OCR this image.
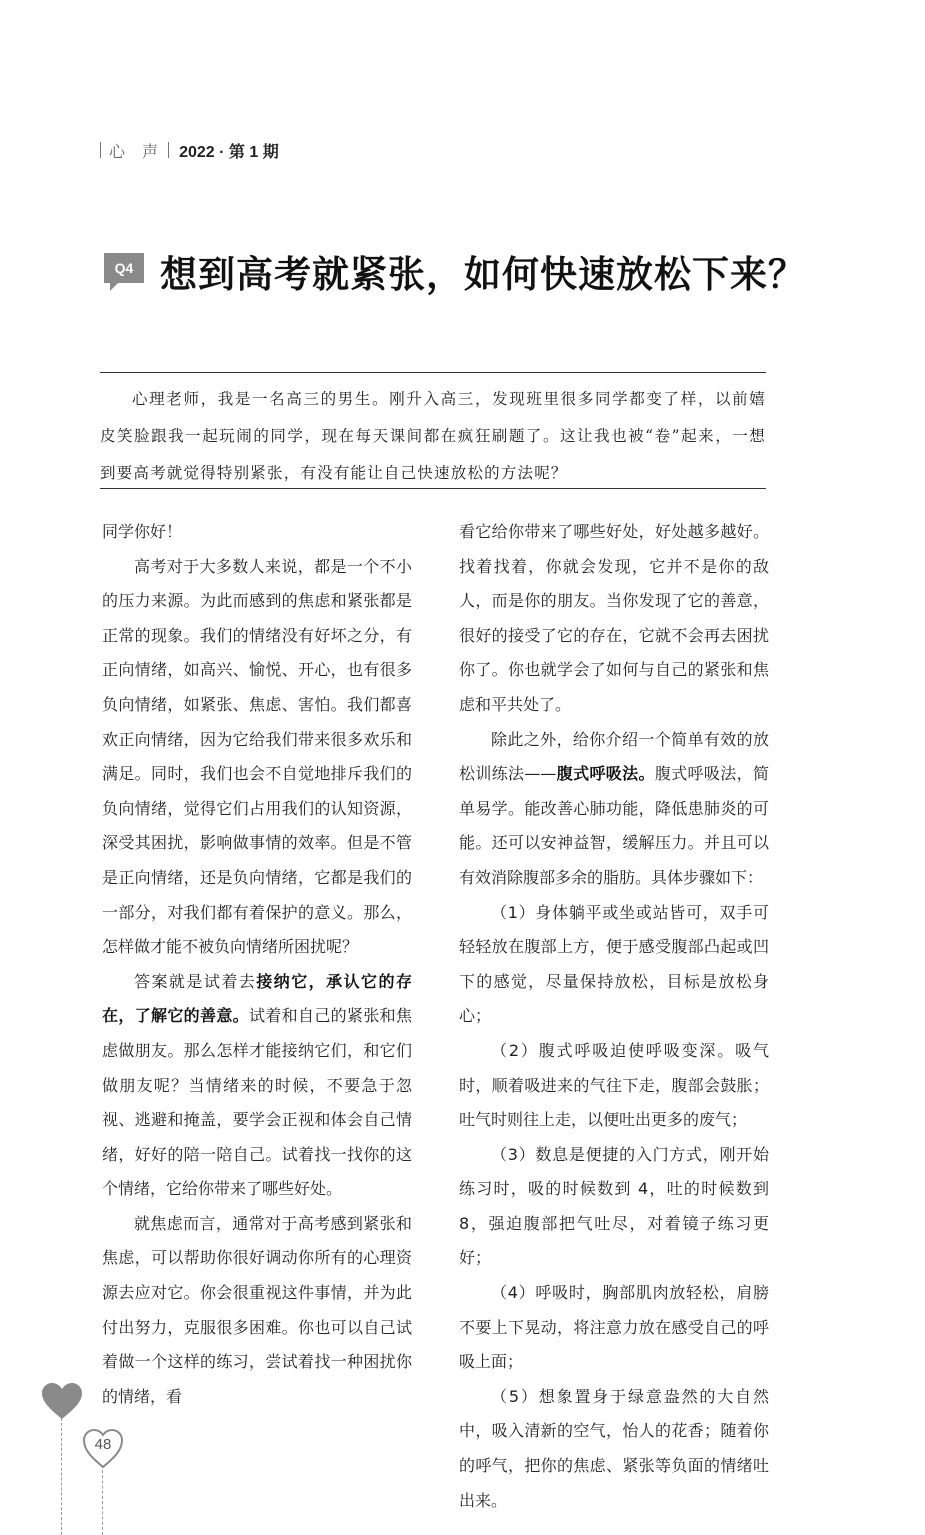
心 声 2022 · 第 1 期
Q4 想到高考就紧张，如何快速放松下来？

心理老师，我是一名高三的男生。刚升入高三，发现班里很多同学都变了样，以前嬉皮笑脸跟我一起玩闹的同学，现在每天课间都在疯狂刷题了。这让我也被“卷”起来，一想到要高考就觉得特别紧张，有没有能让自己快速放松的方法呢？

同学你好！

高考对于大多数人来说，都是一个不小的压力来源。为此而感到的焦虑和紧张都是正常的现象。我们的情绪没有好坏之分，有正向情绪，如高兴、愉悦、开心，也有很多负向情绪，如紧张、焦虑、害怕。我们都喜欢正向情绪，因为它给我们带来很多欢乐和满足。同时，我们也会不自觉地排斥我们的负向情绪，觉得它们占用我们的认知资源，深受其困扰，影响做事情的效率。但是不管是正向情绪，还是负向情绪，它都是我们的一部分，对我们都有着保护的意义。那么，怎样做才能不被负向情绪所困扰呢？

答案就是试着去接纳它，承认它的存在，了解它的善意。试着和自己的紧张和焦虑做朋友。那么怎样才能接纳它们，和它们做朋友呢？当情绪来的时候，不要急于忽视、逃避和掩盖，要学会正视和体会自己情绪，好好的陪一陪自己。试着找一找你的这个情绪，它给你带来了哪些好处。

就焦虑而言，通常对于高考感到紧张和焦虑，可以帮助你很好调动你所有的心理资源去应对它。你会很重视这件事情，并为此付出努力，克服很多困难。你也可以自己试着做一个这样的练习，尝试着找一种困扰你的情绪，看

看它给你带来了哪些好处，好处越多越好。找着找着，你就会发现，它并不是你的敌人，而是你的朋友。当你发现了它的善意，很好的接受了它的存在，它就不会再去困扰你了。你也就学会了如何与自己的紧张和焦虑和平共处了。

除此之外，给你介绍一个简单有效的放松训练法——腹式呼吸法。腹式呼吸法，简单易学。能改善心肺功能，降低患肺炎的可能。还可以安神益智，缓解压力。并且可以有效消除腹部多余的脂肪。具体步骤如下：

（1）身体躺平或坐或站皆可，双手可轻轻放在腹部上方，便于感受腹部凸起或凹下的感觉，尽量保持放松，目标是放松身心；

（2）腹式呼吸迫使呼吸变深。吸气时，顺着吸进来的气往下走，腹部会鼓胀；吐气时则往上走，以便吐出更多的废气；

（3）数息是便捷的入门方式，刚开始练习时，吸的时候数到 4，吐的时候数到 8，强迫腹部把气吐尽，对着镜子练习更好；

（4）呼吸时，胸部肌肉放轻松，肩膀不要上下晃动，将注意力放在感受自己的呼吸上面；

（5）想象置身于绿意盎然的大自然中，吸入清新的空气，怡人的花香；随着你的呼气，把你的焦虑、紧张等负面的情绪吐出来。

48
